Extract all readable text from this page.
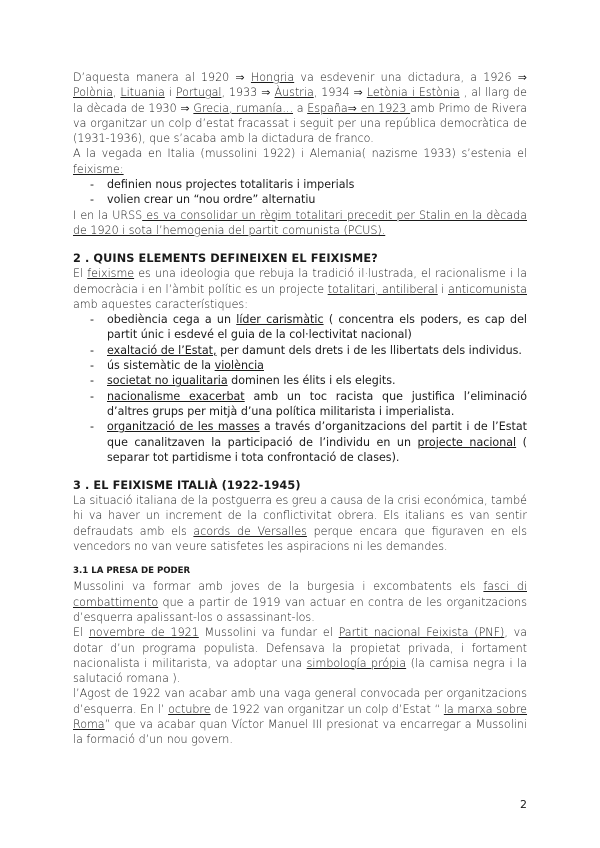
D’aquesta manera al 1920 ⇒ Hongria va esdevenir una dictadura, a 1926 ⇒ Polònia, Lituania i Portugal, 1933 ⇒ Àustria, 1934 ⇒ Letònia i Estònia , al llarg de la dècada de 1930 ⇒ Grecia, rumanía... a España⇒ en 1923 amb Primo de Rivera va organitzar un colp d’estat fracassat i seguit per una república democràtica de (1931-1936), que s’acaba amb la dictadura de franco.

A la vegada en Italia (mussolini 1922) i Alemania( nazisme 1933) s’estenia el feixisme:

- definien nous projectes totalitaris i imperials
- volien crear un “nou ordre” alternatiu

I en la URSS es va consolidar un règim totalitari precedit per Stalin en la dècada de 1920 i sota l’hemogenia del partit comunista (PCUS).

2 . QUINS ELEMENTS DEFINEIXEN EL FEIXISME?

El feixisme es una ideologia que rebuja la tradició il·lustrada, el racionalisme i la democràcia i en l’àmbit polític es un projecte totalitari, antiliberal i anticomunista amb aquestes característiques:

- obediència cega a un líder carismàtic ( concentra els poders, es cap del partit únic i esdevé el guia de la col·lectivitat nacional)
- exaltació de l’Estat, per damunt dels drets i de les llibertats dels individus.
- ús sistemàtic de la violència
- societat no igualitaria dominen les élits i els elegits.
- nacionalisme exacerbat amb un toc racista que justifica l’eliminació d’altres grups per mitjà d’una política militarista i imperialista.
- organització de les masses a través d’organitzacions del partit i de l’Estat que canalitzaven la participació de l’individu en un projecte nacional ( separar tot partidisme i tota confrontació de clases).
3 . EL FEIXISME ITALIÀ (1922-1945)

La situació italiana de la postguerra es greu a causa de la crisi económica, també hi va haver un increment de la conflictivitat obrera. Els italians es van sentir defraudats amb els acords de Versalles perque encara que figuraven en els vencedors no van veure satisfetes les aspiracions ni les demandes.

3.1 LA PRESA DE PODER

Mussolini va formar amb joves de la burgesia i excombatents els fasci di combattimento que a partir de 1919 van actuar en contra de les organitzacions d’esquerra apalissant-los o assassinant-los.

El novembre de 1921 Mussolini va fundar el Partit nacional Feixista (PNF), va dotar d’un programa populista. Defensava la propietat privada, i fortament nacionalista i militarista, va adoptar una simbología própia (la camisa negra i la salutació romana ).

l’Agost de 1922 van acabar amb una vaga general convocada per organitzacions d’esquerra. En l’ octubre de 1922 van organitzar un colp d’Estat “ la marxa sobre Roma” que va acabar quan Víctor Manuel III presionat va encarregar a Mussolini la formació d’un nou govern.

2
